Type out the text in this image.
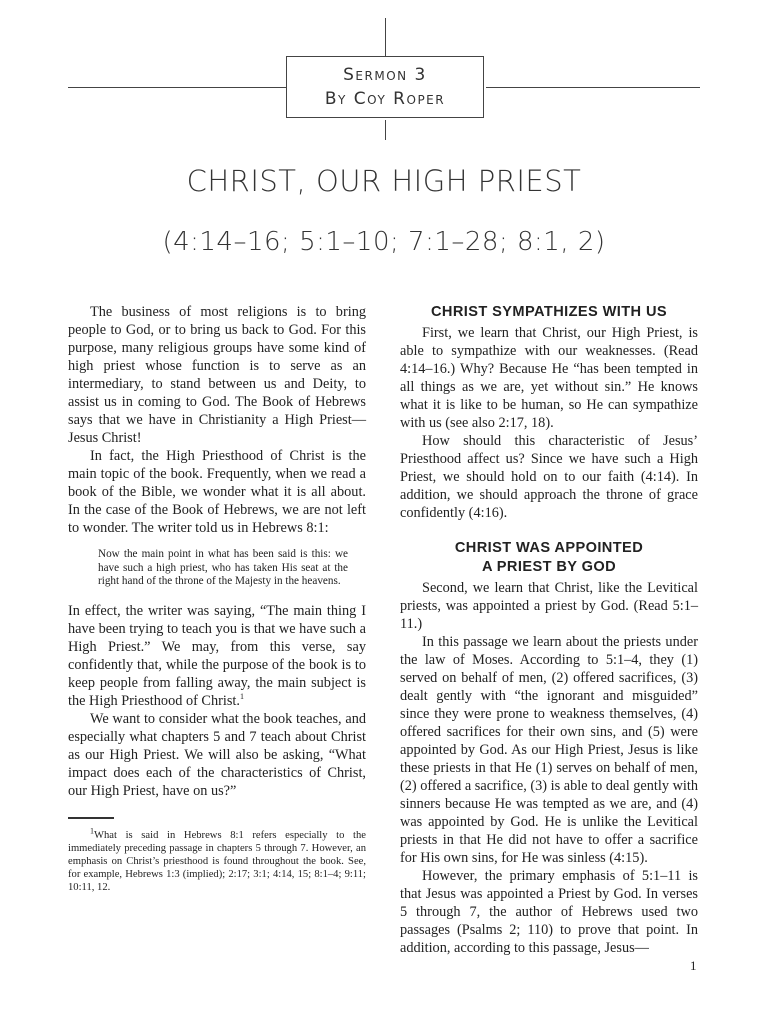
Sermon 3
By Coy Roper
CHRIST, OUR HIGH PRIEST
(4:14–16; 5:1–10; 7:1–28; 8:1, 2)

The business of most religions is to bring people to God, or to bring us back to God. For this purpose, many religious groups have some kind of high priest whose function is to serve as an intermediary, to stand between us and Deity, to assist us in coming to God. The Book of Hebrews says that we have in Christianity a High Priest—Jesus Christ!

In fact, the High Priesthood of Christ is the main topic of the book. Frequently, when we read a book of the Bible, we wonder what it is all about. In the case of the Book of Hebrews, we are not left to wonder. The writer told us in Hebrews 8:1:

Now the main point in what has been said is this: we have such a high priest, who has taken His seat at the right hand of the throne of the Majesty in the heavens.

In effect, the writer was saying, “The main thing I have been trying to teach you is that we have such a High Priest.” We may, from this verse, say confidently that, while the purpose of the book is to keep people from falling away, the main subject is the High Priesthood of Christ.$^1$

We want to consider what the book teaches, and especially what chapters 5 and 7 teach about Christ as our High Priest. We will also be asking, “What impact does each of the characteristics of Christ, our High Priest, have on us?”

$^1$What is said in Hebrews 8:1 refers especially to the immediately preceding passage in chapters 5 through 7. However, an emphasis on Christ’s priesthood is found throughout the book. See, for example, Hebrews 1:3 (implied); 2:17; 3:1; 4:14, 15; 8:1–4; 9:11; 10:11, 12.

CHRIST SYMPATHIZES WITH US

First, we learn that Christ, our High Priest, is able to sympathize with our weaknesses. (Read 4:14–16.) Why? Because He “has been tempted in all things as we are, yet without sin.” He knows what it is like to be human, so He can sympathize with us (see also 2:17, 18).

How should this characteristic of Jesus’ Priesthood affect us? Since we have such a High Priest, we should hold on to our faith (4:14). In addition, we should approach the throne of grace confidently (4:16).

CHRIST WAS APPOINTED
A PRIEST BY GOD

Second, we learn that Christ, like the Levitical priests, was appointed a priest by God. (Read 5:1–11.)

In this passage we learn about the priests under the law of Moses. According to 5:1–4, they (1) served on behalf of men, (2) offered sacrifices, (3) dealt gently with “the ignorant and misguided” since they were prone to weakness themselves, (4) offered sacrifices for their own sins, and (5) were appointed by God. As our High Priest, Jesus is like these priests in that He (1) serves on behalf of men, (2) offered a sacrifice, (3) is able to deal gently with sinners because He was tempted as we are, and (4) was appointed by God. He is unlike the Levitical priests in that He did not have to offer a sacrifice for His own sins, for He was sinless (4:15).

However, the primary emphasis of 5:1–11 is that Jesus was appointed a Priest by God. In verses 5 through 7, the author of Hebrews used two passages (Psalms 2; 110) to prove that point. In addition, according to this passage, Jesus—

1
